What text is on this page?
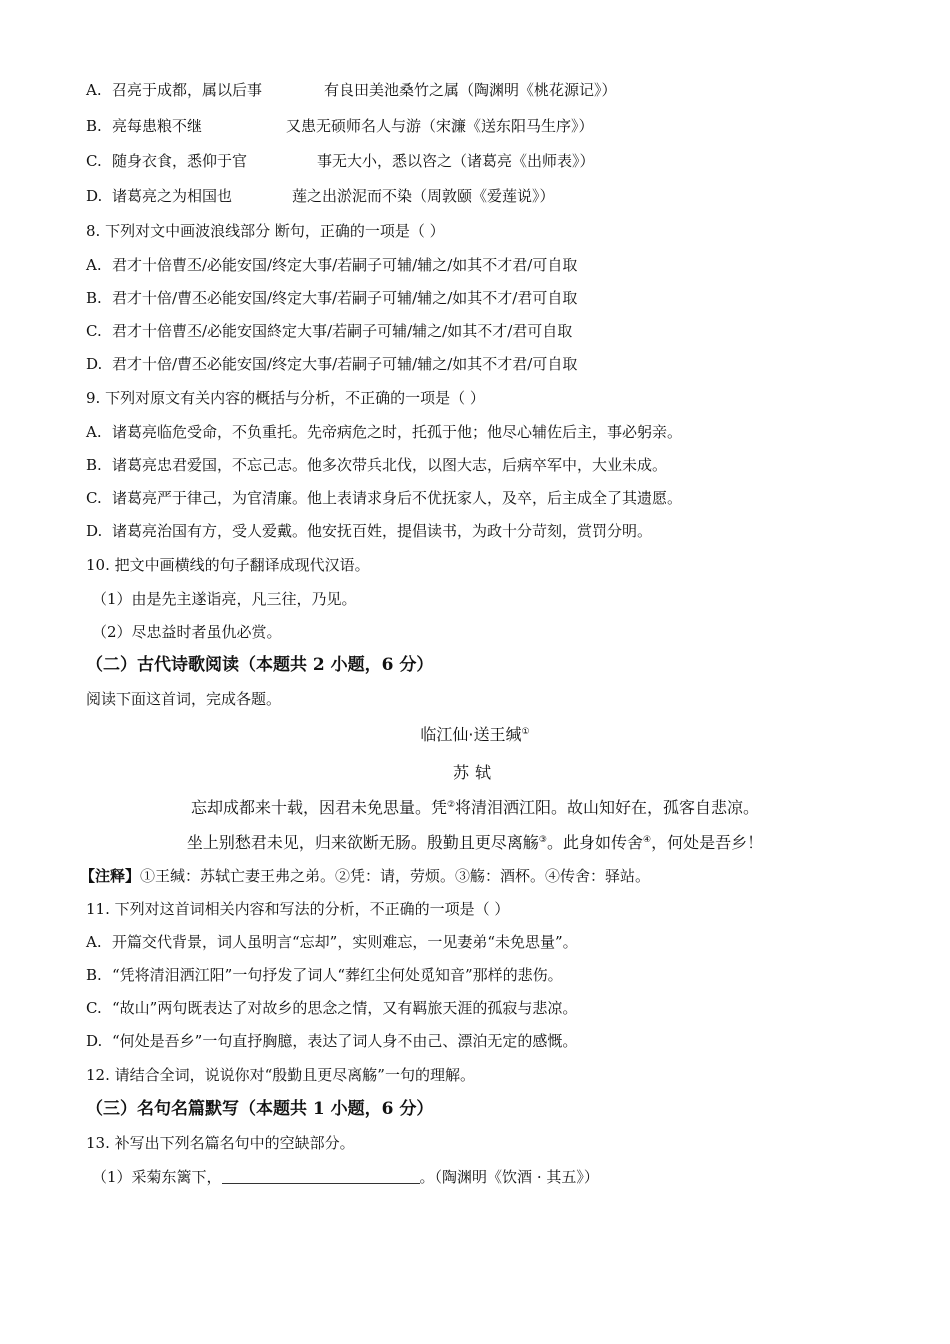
A. 召亮于成都，属以后事	有良田美池桑竹之属（陶渊明《桃花源记》）
B. 亮每患粮不继	又患无硕师名人与游（宋濂《送东阳马生序》）
C. 随身衣食，悉仰于官	事无大小，悉以咨之（诸葛亮《出师表》）
D. 诸葛亮之为相国也	莲之出淤泥而不染（周敦颐《爱莲说》）
8. 下列对文中画波浪线部分 断句，正确的一项是（ ）
A. 君才十倍曹丕/必能安国/终定大事/若嗣子可辅/辅之/如其不才君/可自取
B. 君才十倍/曹丕必能安国/终定大事/若嗣子可辅/辅之/如其不才/君可自取
C. 君才十倍曹丕/必能安国終定大事/若嗣子可辅/辅之/如其不才/君可自取
D. 君才十倍/曹丕必能安国/终定大事/若嗣子可辅/辅之/如其不才君/可自取
9. 下列对原文有关内容的概括与分析，不正确的一项是（ ）
A. 诸葛亮临危受命，不负重托。先帝病危之时，托孤于他；他尽心辅佐后主，事必躬亲。
B. 诸葛亮忠君爱国，不忘己志。他多次带兵北伐，以图大志，后病卒军中，大业未成。
C. 诸葛亮严于律己，为官清廉。他上表请求身后不优抚家人，及卒，后主成全了其遗愿。
D. 诸葛亮治国有方，受人爱戴。他安抚百姓，提倡读书，为政十分苛刻，赏罚分明。
10. 把文中画横线的句子翻译成现代汉语。
（1）由是先主遂诣亮，凡三往，乃见。
（2）尽忠益时者虽仇必赏。
（二）古代诗歌阅读（本题共 2 小题，6 分）
阅读下面这首词，完成各题。
临江仙·送王缄①
苏轼
忘却成都来十载，因君未免思量。凭②将清泪洒江阳。故山知好在，孤客自悲凉。
坐上别愁君未见，归来欲断无肠。殷勤且更尽离觞③。此身如传舍④，何处是吾乡！
【注释】①王缄：苏轼亡妻王弗之弟。②凭：请，劳烦。③觞：酒杯。④传舍：驿站。
11. 下列对这首词相关内容和写法的分析，不正确的一项是（ ）
A. 开篇交代背景，词人虽明言“忘却”，实则难忘，一见妻弟“未免思量”。
B. “凭将清泪洒江阳”一句抒发了词人“葬红尘何处觅知音”那样的悲伤。
C. “故山”两句既表达了对故乡的思念之情，又有羁旅天涯的孤寂与悲凉。
D. “何处是吾乡”一句直抒胸臆，表达了词人身不由己、漂泊无定的感慨。
12. 请结合全词，说说你对“殷勤且更尽离觞”一句的理解。
（三）名句名篇默写（本题共 1 小题，6 分）
13. 补写出下列名篇名句中的空缺部分。
（1）采菊东篱下，	。（陶渊明《饮酒 · 其五》）
